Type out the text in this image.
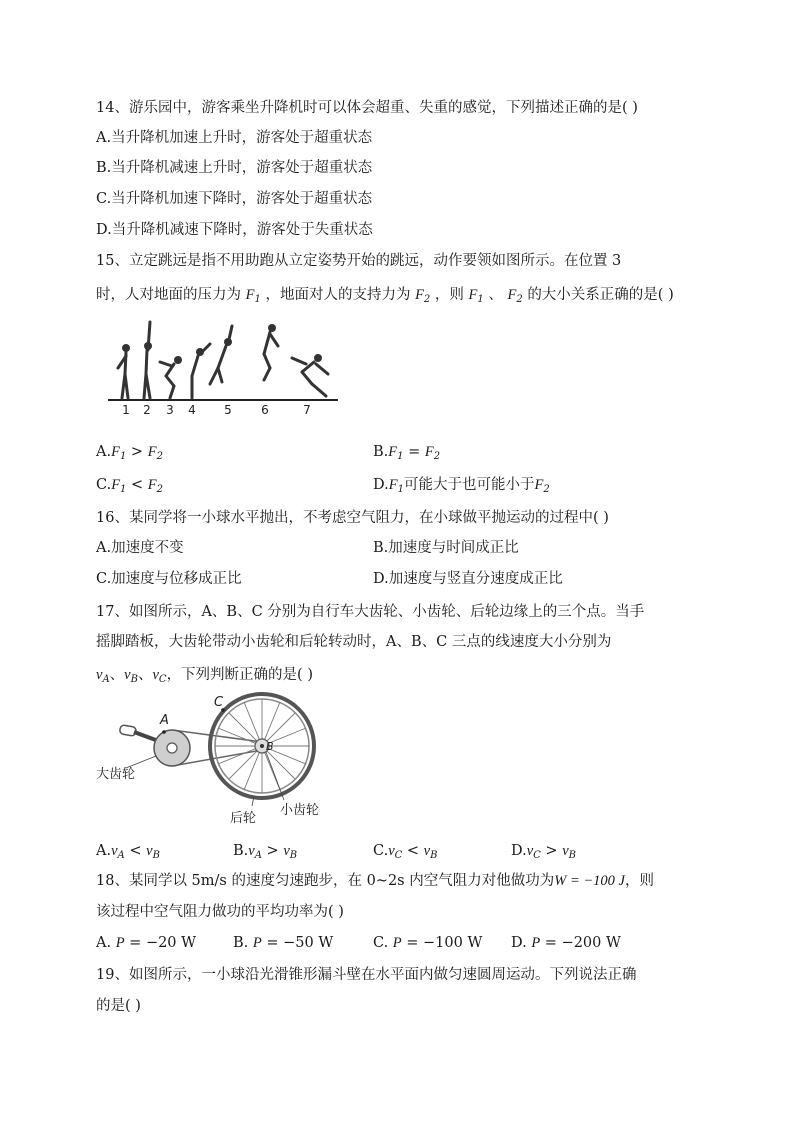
14、游乐园中，游客乘坐升降机时可以体会超重、失重的感觉，下列描述正确的是( )
A.当升降机加速上升时，游客处于超重状态
B.当升降机减速上升时，游客处于超重状态
C.当升降机加速下降时，游客处于超重状态
D.当升降机减速下降时，游客处于失重状态
15、立定跳远是指不用助跑从立定姿势开始的跳远，动作要领如图所示。在位置 3
时，人对地面的压力为 $F_1$ ，地面对人的支持力为 $F_2$ ，则 $F_1$ 、 $F_2$ 的大小关系正确的是( )
1 2 3 4 5 6	7
$A.F_1 > F_2$	$B.F_1 = F_2$
$C.F_1 < F_2$	$D.F_1$可能大于也可能小于$F_2$
16、某同学将一小球水平抛出，不考虑空气阻力，在小球做平抛运动的过程中( )
A.加速度不变	B.加速度与时间成正比
C.加速度与位移成正比	D.加速度与竖直分速度成正比
17、如图所示，A、B、C 分别为自行车大齿轮、小齿轮、后轮边缘上的三个点。当手
摇脚踏板，大齿轮带动小齿轮和后轮转动时，A、B、C 三点的线速度大小分别为
$v_A$、$v_B$、$v_C$，下列判断正确的是( )
A
C
B
大齿轮
后轮
小齿轮
$A.v_A < v_B$	$B.v_A > v_B$	$C.v_C < v_B$	$D.v_C > v_B$
18、某同学以 5m/s 的速度匀速跑步，在 0~2s 内空气阻力对他做功为W = −100 J，则
该过程中空气阻力做功的平均功率为( )
A. P = −20 W	B. P = −50 W	C. P = −100 W D. P = −200 W
19、如图所示，一小球沿光滑锥形漏斗壁在水平面内做匀速圆周运动。下列说法正确
的是( )
